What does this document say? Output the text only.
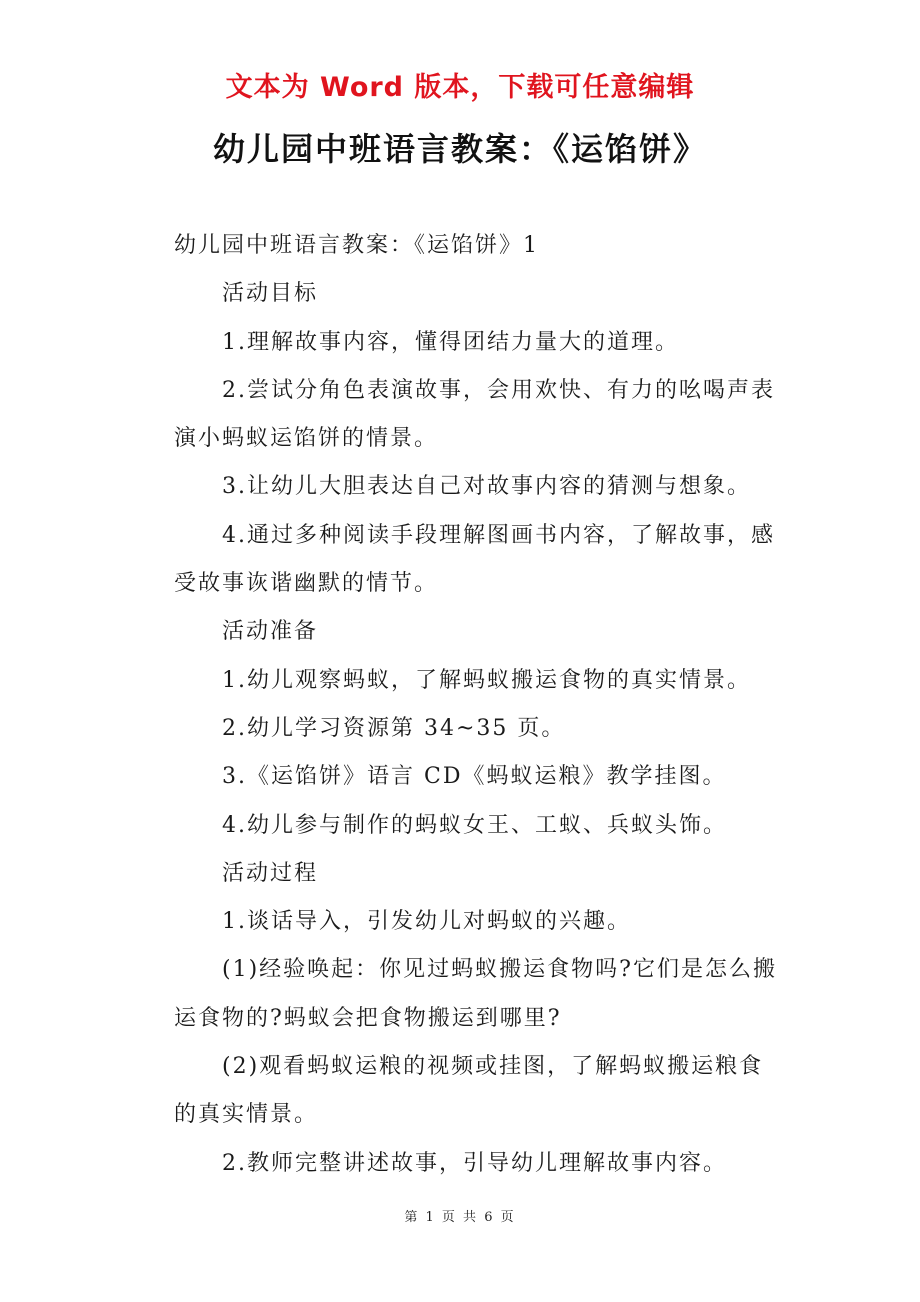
文本为 Word 版本，下载可任意编辑
幼儿园中班语言教案：《运馅饼》

幼儿园中班语言教案：《运馅饼》1

活动目标

1.理解故事内容，懂得团结力量大的道理。

2.尝试分角色表演故事，会用欢快、有力的吆喝声表演小蚂蚁运馅饼的情景。

3.让幼儿大胆表达自己对故事内容的猜测与想象。

4.通过多种阅读手段理解图画书内容，了解故事，感受故事诙谐幽默的情节。

活动准备

1.幼儿观察蚂蚁，了解蚂蚁搬运食物的真实情景。

2.幼儿学习资源第 34~35 页。

3.《运馅饼》语言 CD《蚂蚁运粮》教学挂图。

4.幼儿参与制作的蚂蚁女王、工蚁、兵蚁头饰。

活动过程

1.谈话导入，引发幼儿对蚂蚁的兴趣。

(1)经验唤起：你见过蚂蚁搬运食物吗?它们是怎么搬运食物的?蚂蚁会把食物搬运到哪里?

(2)观看蚂蚁运粮的视频或挂图，了解蚂蚁搬运粮食的真实情景。

2.教师完整讲述故事，引导幼儿理解故事内容。

第 1 页 共 6 页
